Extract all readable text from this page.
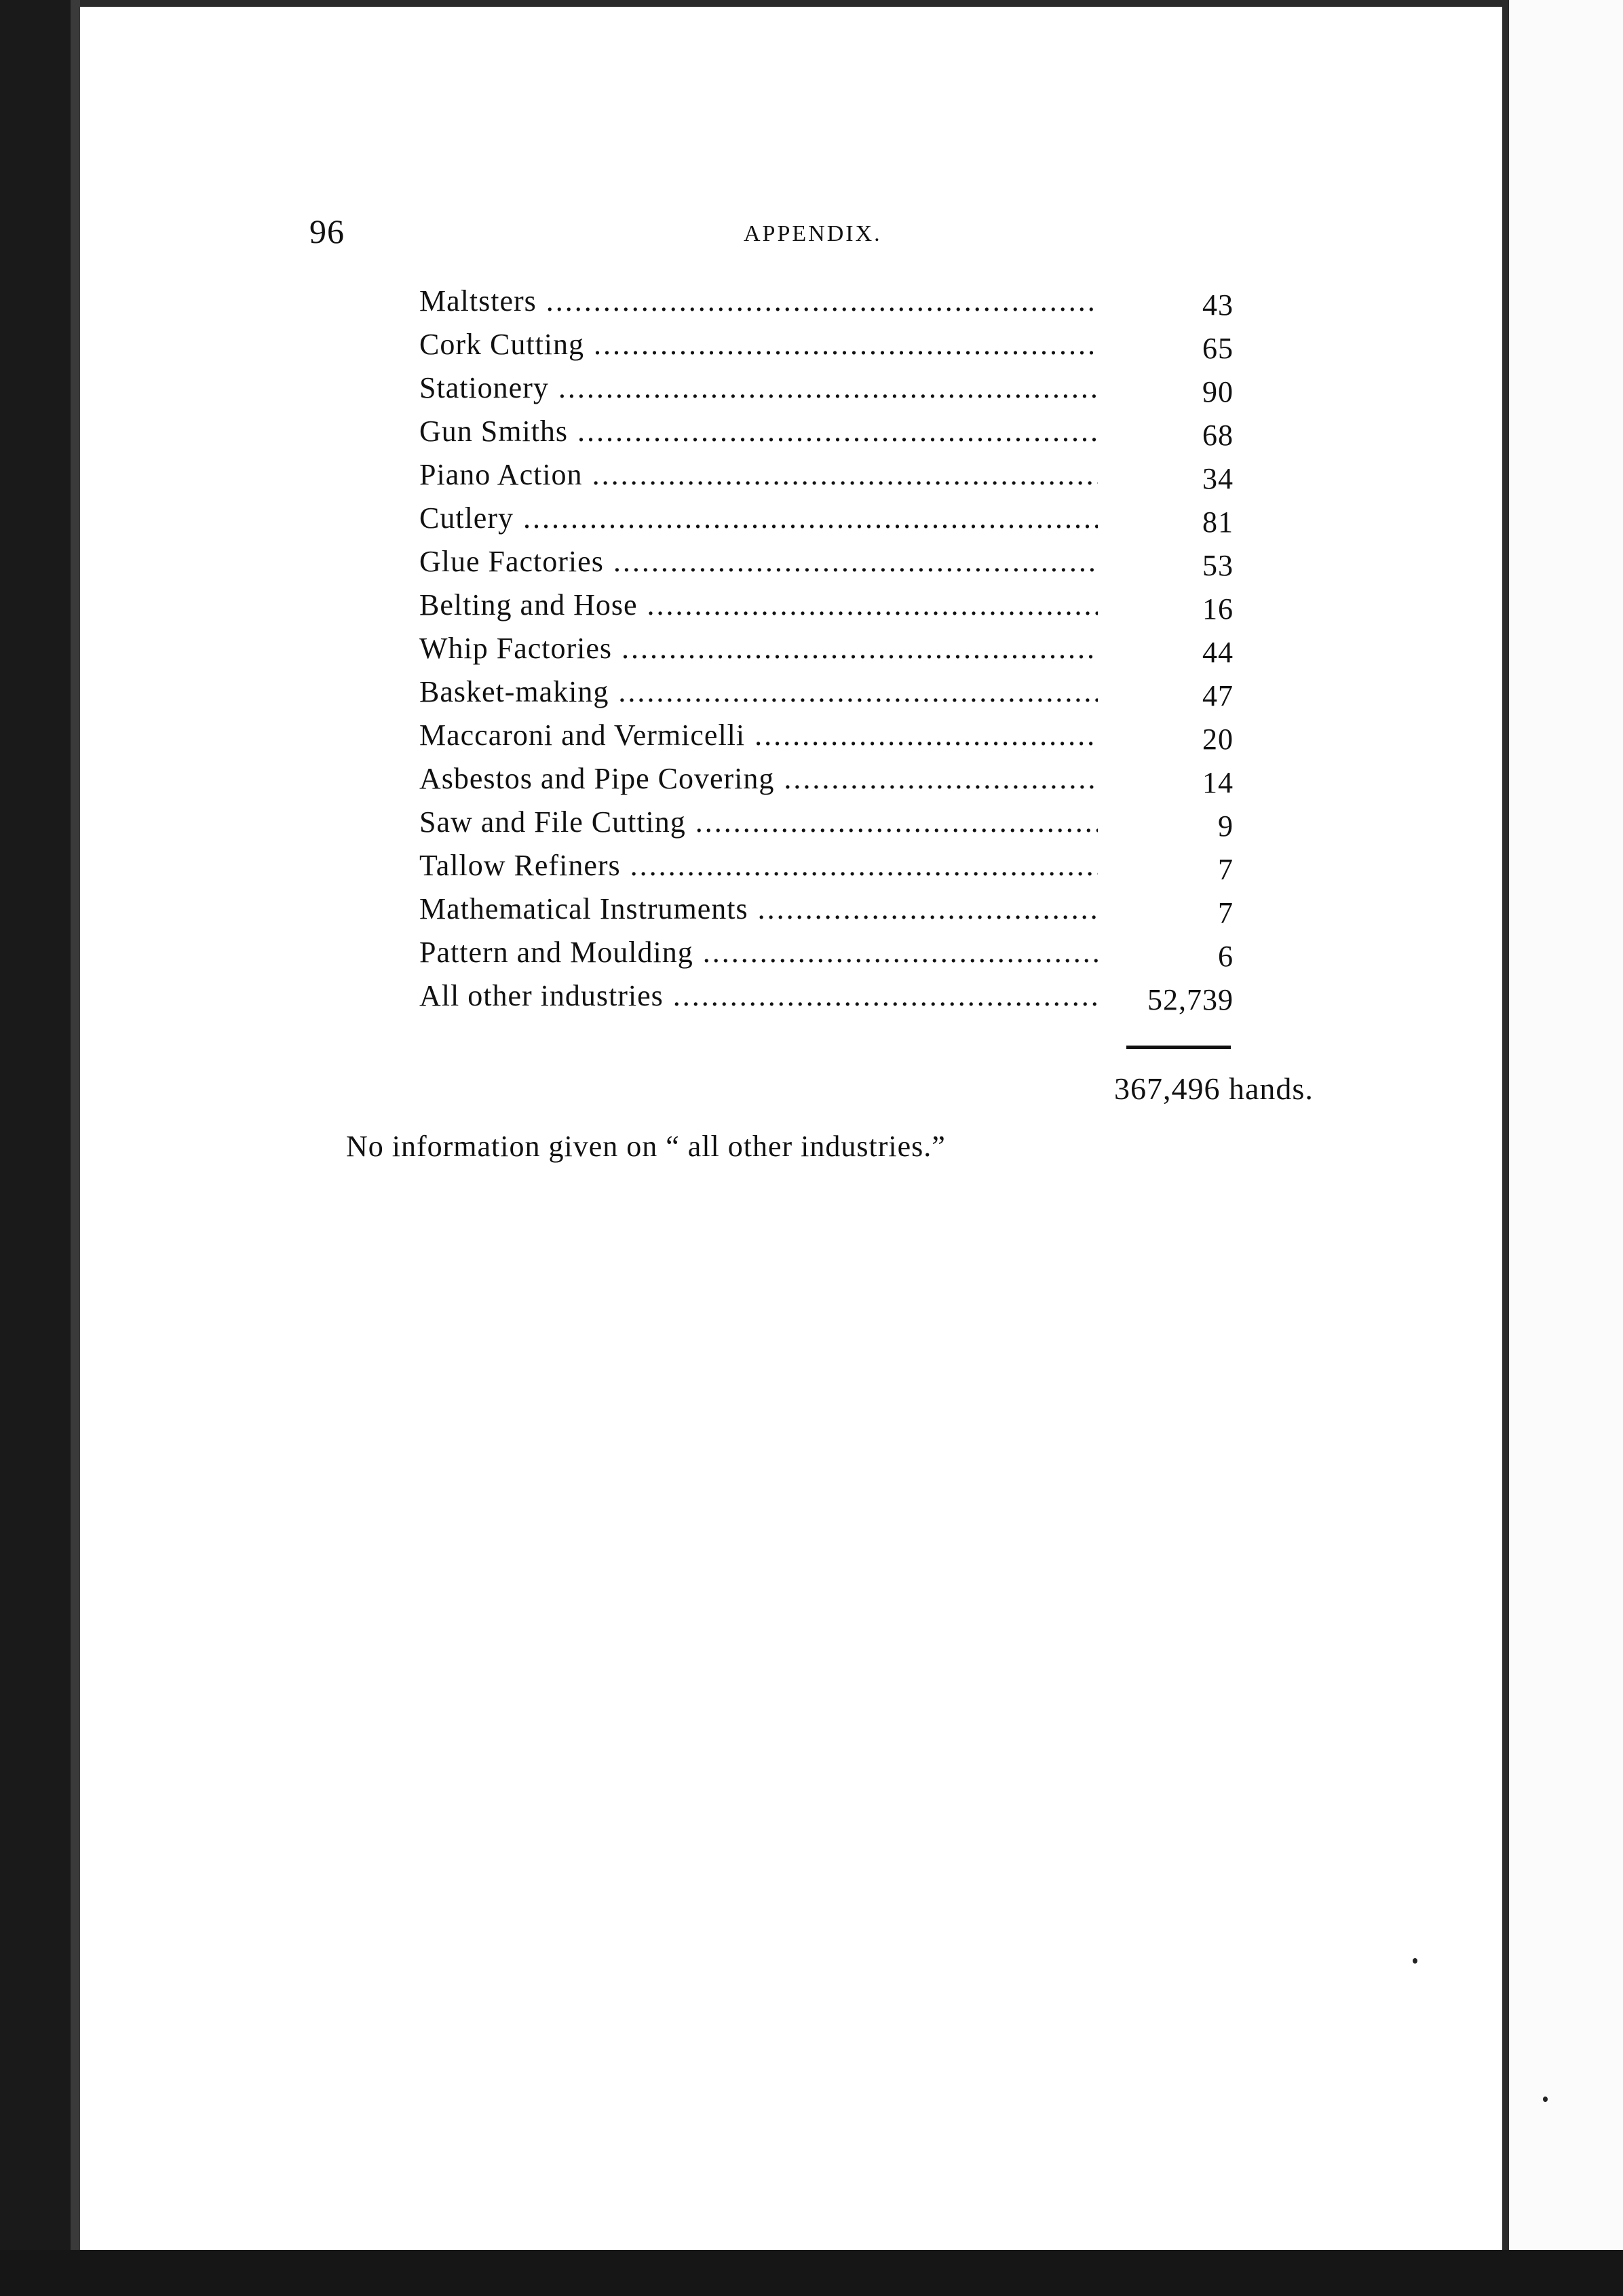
96	APPENDIX.
Maltsters .....	43
Cork Cutting .....	65
Stationery .....	90
Gun Smiths .....	68
Piano Action .....	34
Cutlery .....	81
Glue Factories .....	53
Belting and Hose .....	16
Whip Factories .....	44
Basket-making .....	47
Maccaroni and Vermicelli .....	20
Asbestos and Pipe Covering .....	14
Saw and File Cutting .....	9
Tallow Refiners .....	7
Mathematical Instruments .....	7
Pattern and Moulding .....	6
All other industries .....	52,739
367,496 hands.
No information given on “ all other industries.”
